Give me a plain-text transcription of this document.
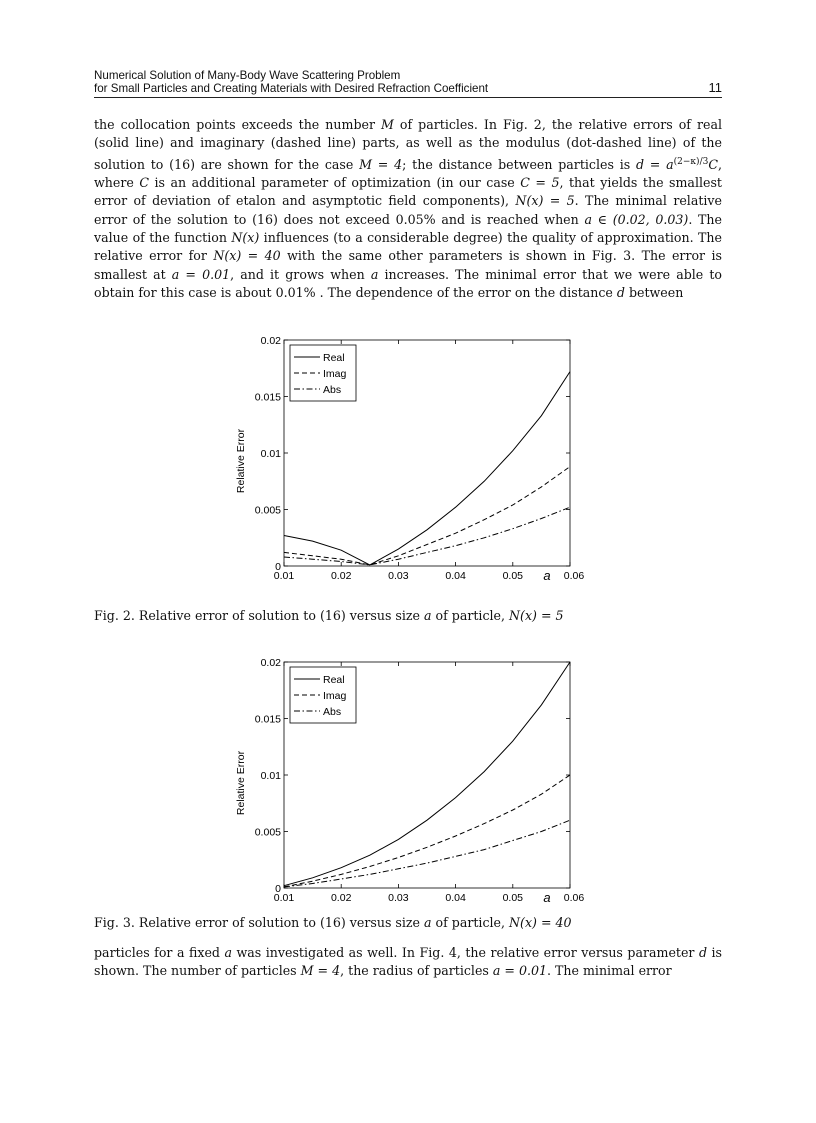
Numerical Solution of Many-Body Wave Scattering Problem
for Small Particles and Creating Materials with Desired Refraction Coefficient	11

the collocation points exceeds the number M of particles. In Fig. 2, the relative errors of real (solid line) and imaginary (dashed line) parts, as well as the modulus (dot-dashed line) of the solution to (16) are shown for the case M = 4; the distance between particles is $d = a^{(2-\kappa)/3}C$, where C is an additional parameter of optimization (in our case C = 5, that yields the smallest error of deviation of etalon and asymptotic field components), N(x) = 5. The minimal relative error of the solution to (16) does not exceed 0.05% and is reached when a ∈ (0.02, 0.03). The value of the function N(x) influences (to a considerable degree) the quality of approximation. The relative error for N(x) = 40 with the same other parameters is shown in Fig. 3. The error is smallest at a = 0.01, and it grows when a increases. The minimal error that we were able to obtain for this case is about 0.01% . The dependence of the error on the distance d between

0
0.005
0.01
0.015
0.02
0.01	0.02	0.03	0.04	0.05	0.06
a
Relative Error
Real
Imag
Abs

Fig. 2. Relative error of solution to (16) versus size a of particle, N(x) = 5

0
0.005
0.01
0.015
0.02
0.01	0.02	0.03	0.04	0.05	0.06
a
Relative Error
Real
Imag
Abs

Fig. 3. Relative error of solution to (16) versus size a of particle, N(x) = 40

particles for a fixed a was investigated as well. In Fig. 4, the relative error versus parameter d is shown. The number of particles M = 4, the radius of particles a = 0.01. The minimal error
